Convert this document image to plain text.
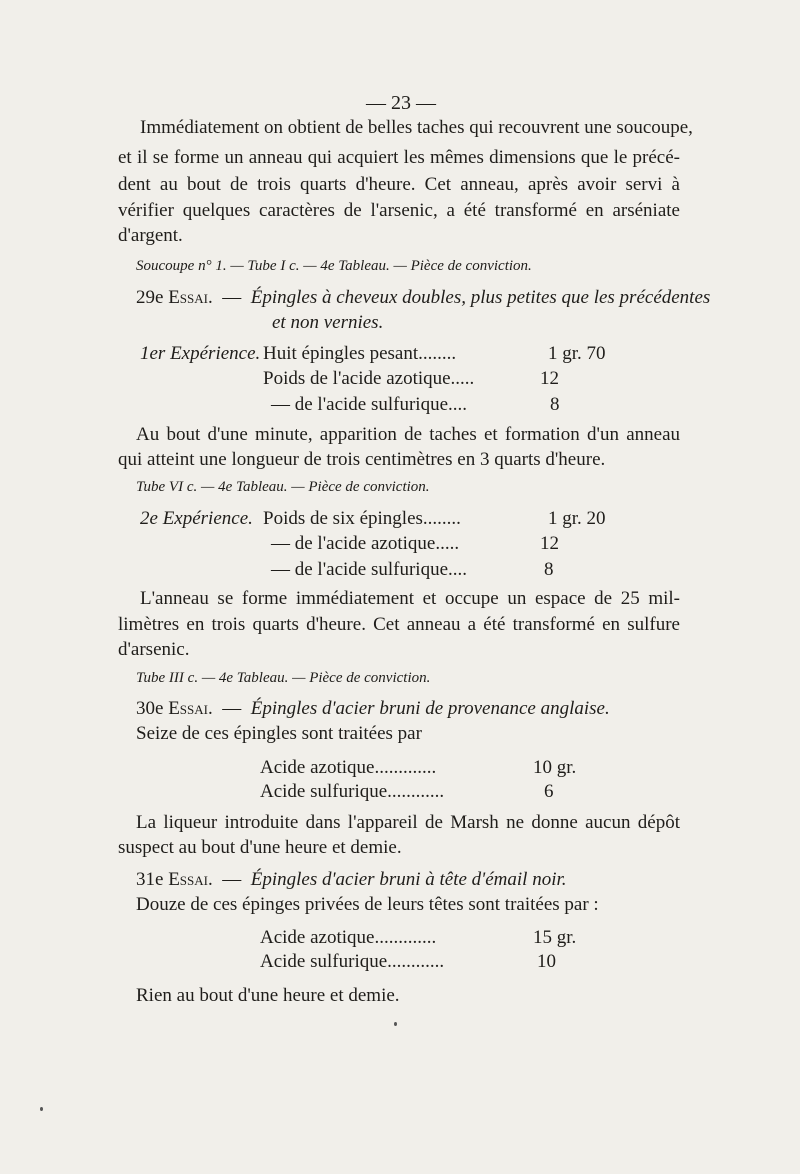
— 23 —
Immédiatement on obtient de belles taches qui recouvrent une soucoupe,
et il se forme un anneau qui acquiert les mêmes dimensions que le précé-
dent au bout de trois quarts d'heure. Cet anneau, après avoir servi à
vérifier quelques caractères de l'arsenic, a été transformé en arséniate
d'argent.
Soucoupe n° 1. — Tube I c. — 4e Tableau. — Pièce de conviction.
29e Essai. — Épingles à cheveux doubles, plus petites que les précédentes
et non vernies.
1er Expérience. Huit épingles pesant........	1 gr. 70
Poids de l'acide azotique.....	12
— de l'acide sulfurique....	8
Au bout d'une minute, apparition de taches et formation d'un anneau
qui atteint une longueur de trois centimètres en 3 quarts d'heure.
Tube VI c. — 4e Tableau. — Pièce de conviction.
2e Expérience. Poids de six épingles........	1 gr. 20
— de l'acide azotique.....	12
— de l'acide sulfurique....	8
L'anneau se forme immédiatement et occupe un espace de 25 mil-
limètres en trois quarts d'heure. Cet anneau a été transformé en sulfure
d'arsenic.
Tube III c. — 4e Tableau. — Pièce de conviction.
30e Essai. — Épingles d'acier bruni de provenance anglaise.
Seize de ces épingles sont traitées par
Acide azotique.............	10 gr.
Acide sulfurique............	6
La liqueur introduite dans l'appareil de Marsh ne donne aucun dépôt
suspect au bout d'une heure et demie.
31e Essai. — Épingles d'acier bruni à tête d'émail noir.
Douze de ces épinges privées de leurs têtes sont traitées par :
Acide azotique.............	15 gr.
Acide sulfurique............	10
Rien au bout d'une heure et demie.
